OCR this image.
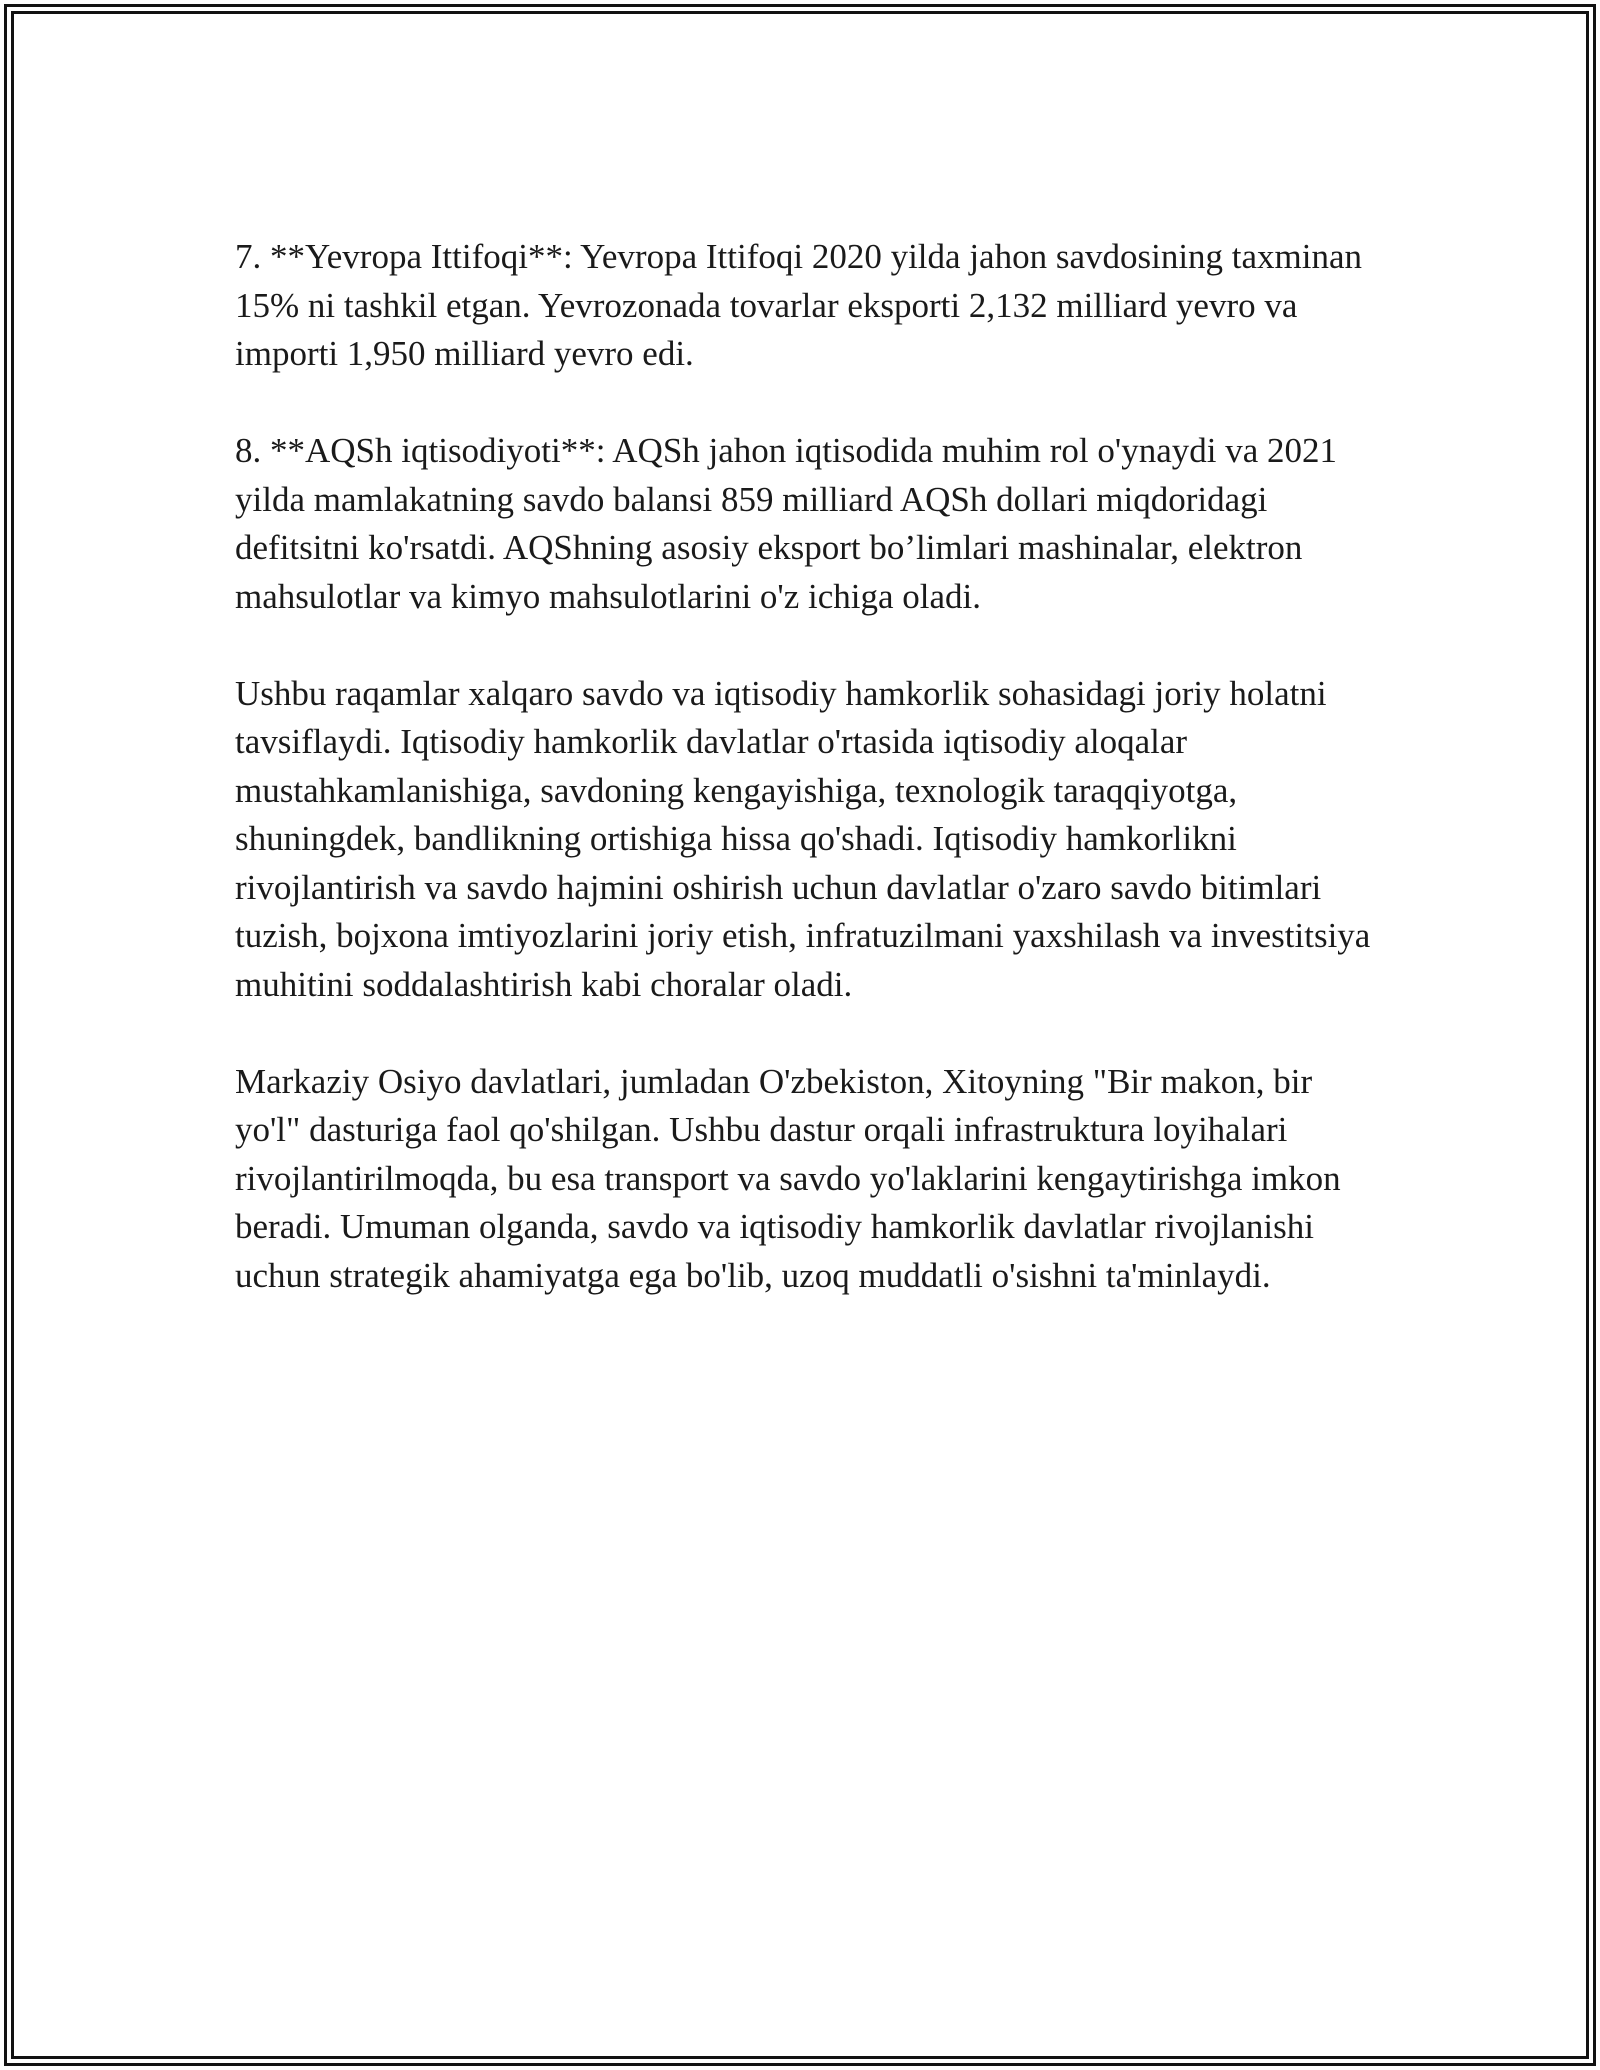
7. **Yevropa Ittifoqi**: Yevropa Ittifoqi 2020 yilda jahon savdosining taxminan 15% ni tashkil etgan. Yevrozonada tovarlar eksporti 2,132 milliard yevro va importi 1,950 milliard yevro edi.

8. **AQSh iqtisodiyoti**: AQSh jahon iqtisodida muhim rol o'ynaydi va 2021 yilda mamlakatning savdo balansi 859 milliard AQSh dollari miqdoridagi defitsitni ko'rsatdi. AQShning asosiy eksport bo’limlari mashinalar, elektron mahsulotlar va kimyo mahsulotlarini o'z ichiga oladi.

Ushbu raqamlar xalqaro savdo va iqtisodiy hamkorlik sohasidagi joriy holatni tavsiflaydi. Iqtisodiy hamkorlik davlatlar o'rtasida iqtisodiy aloqalar mustahkamlanishiga, savdoning kengayishiga, texnologik taraqqiyotga, shuningdek, bandlikning ortishiga hissa qo'shadi. Iqtisodiy hamkorlikni rivojlantirish va savdo hajmini oshirish uchun davlatlar o'zaro savdo bitimlari tuzish, bojxona imtiyozlarini joriy etish, infratuzilmani yaxshilash va investitsiya muhitini soddalashtirish kabi choralar oladi.

Markaziy Osiyo davlatlari, jumladan O'zbekiston, Xitoyning "Bir makon, bir yo'l" dasturiga faol qo'shilgan. Ushbu dastur orqali infrastruktura loyihalari rivojlantirilmoqda, bu esa transport va savdo yo'laklarini kengaytirishga imkon beradi. Umuman olganda, savdo va iqtisodiy hamkorlik davlatlar rivojlanishi uchun strategik ahamiyatga ega bo'lib, uzoq muddatli o'sishni ta'minlaydi.
